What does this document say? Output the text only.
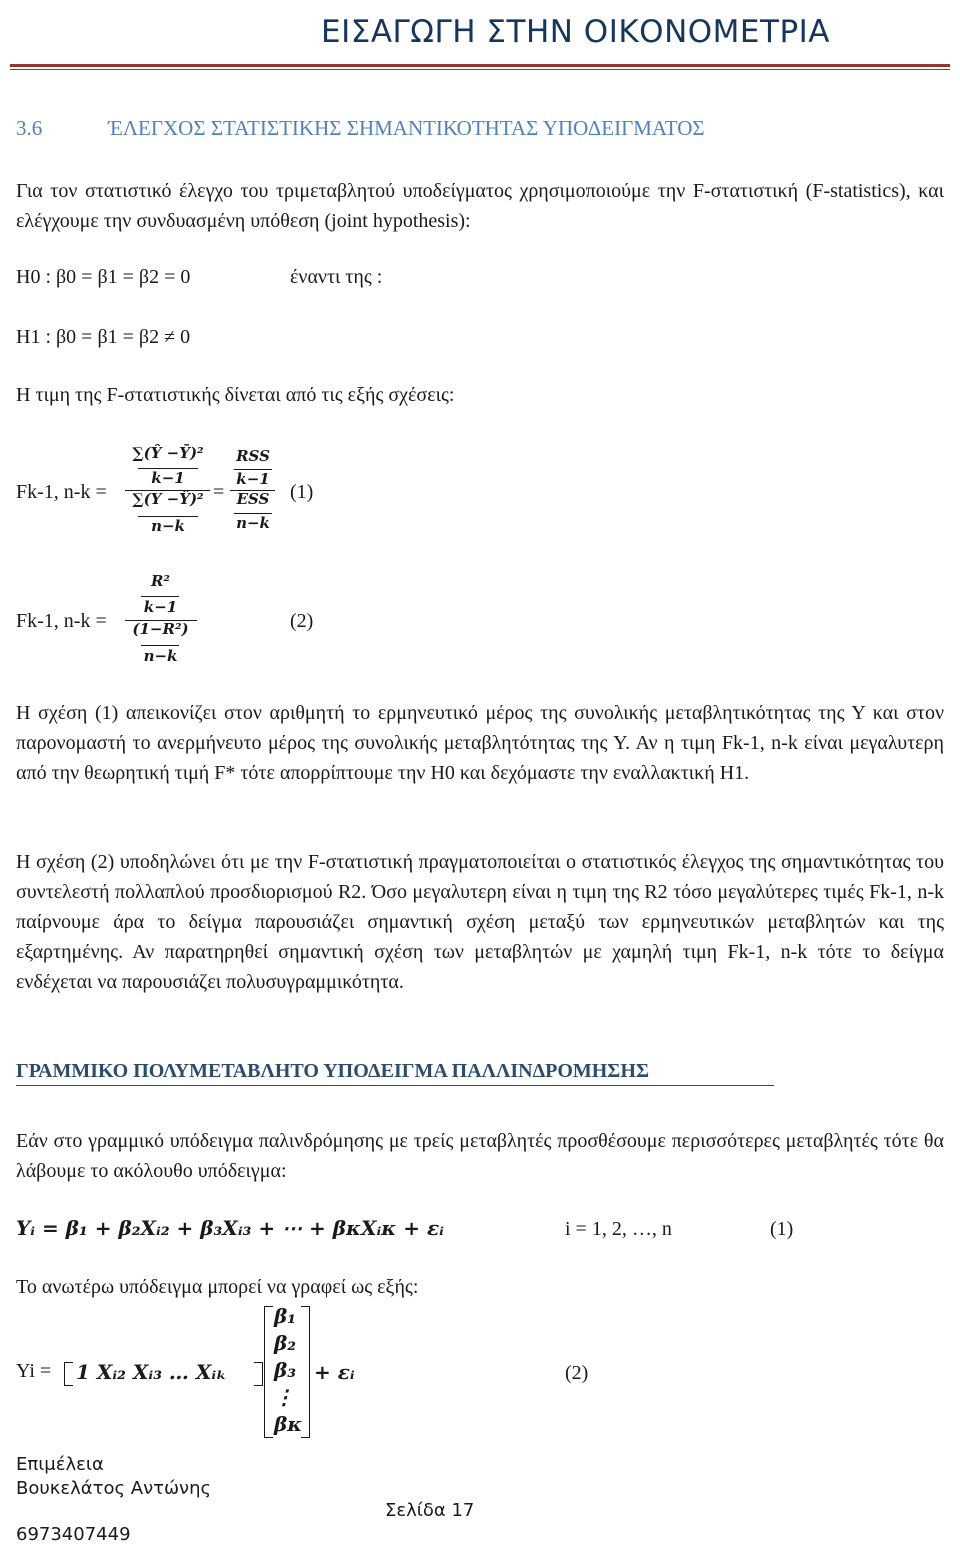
ΕΙΣΑΓΩΓΗ ΣΤΗΝ ΟΙΚΟΝΟΜΕΤΡΙΑ
3.6	ΈΛΕΓΧΟΣ ΣΤΑΤΙΣΤΙΚΗΣ ΣΗΜΑΝΤΙΚΟΤΗΤΑΣ ΥΠΟΔΕΙΓΜΑΤΟΣ
Για τον στατιστικό έλεγχο του τριμεταβλητού υποδείγματος χρησιμοποιούμε την F-στατιστική (F-statistics), και ελέγχουμε την συνδυασμένη υπόθεση (joint hypothesis):
Η0 : β0 = β1 = β2 = 0	έναντι της :
Η1 : β0 = β1 = β2 ≠ 0
Η τιμη της F-στατιστικής δίνεται από τις εξής σχέσεις:
Fk-1, n-k =
∑(Ŷ −Ȳ)²
k−1
∑(Y −Ŷ)²
n−k
=
RSS
k−1
ESS
n−k
(1)
Fk-1, n-k =
R²
k−1
(1−R²)
n−k
(2)
Η σχέση (1) απεικονίζει στον αριθμητή το ερμηνευτικό μέρος της συνολικής μεταβλητικότητας της Υ και στον παρονομαστή το ανερμήνευτο μέρος της συνολικής μεταβλητότητας της Υ. Αν η τιμη Fk-1, n-k είναι μεγαλυτερη από την θεωρητική τιμή F* τότε απορρίπτουμε την Η0 και δεχόμαστε την εναλλακτική Η1.
Η σχέση (2) υποδηλώνει ότι με την F-στατιστική πραγματοποιείται ο στατιστικός έλεγχος της σημαντικότητας του συντελεστή πολλαπλού προσδιορισμού R2. Όσο μεγαλυτερη είναι η τιμη της R2 τόσο μεγαλύτερες τιμές Fk-1, n-k παίρνουμε άρα το δείγμα παρουσιάζει σημαντική σχέση μεταξύ των ερμηνευτικών μεταβλητών και της εξαρτημένης. Αν παρατηρηθεί σημαντική σχέση των μεταβλητών με χαμηλή τιμη Fk-1, n-k τότε το δείγμα ενδέχεται να παρουσιάζει πολυσυγραμμικότητα.
ΓΡΑΜΜΙΚΟ ΠΟΛΥΜΕΤΑΒΛΗΤΟ ΥΠΟΔΕΙΓΜΑ ΠΑΛΛΙΝΔΡΟΜΗΣΗΣ
Εάν στο γραμμικό υπόδειγμα παλινδρόμησης με τρείς μεταβλητές προσθέσουμε περισσότερες μεταβλητές τότε θα λάβουμε το ακόλουθο υπόδειγμα:
Yᵢ = β₁ + β₂Xᵢ₂ + β₃Xᵢ₃ + ⋯ + βκXᵢκ + εᵢ	i = 1, 2, …, n	(1)
Το ανωτέρω υπόδειγμα μπορεί να γραφεί ως εξής:
Yi = 1 Xᵢ₂ Xᵢ₃ … Xᵢₖ
β₁
β₂
β₃
⋮
βκ
+ εᵢ	(2)
Επιμέλεια
Βουκελάτος Αντώνης
6973407449
Σελίδα 17
